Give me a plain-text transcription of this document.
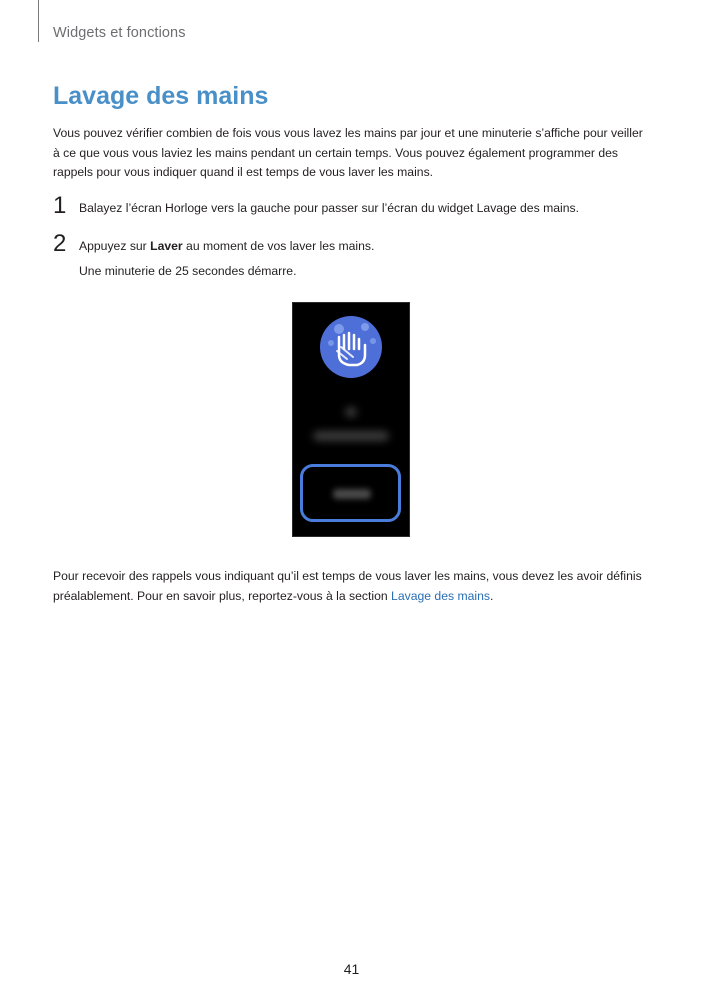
Widgets et fonctions
Lavage des mains

Vous pouvez vérifier combien de fois vous vous lavez les mains par jour et une minuterie s’affiche pour veiller
à ce que vous vous laviez les mains pendant un certain temps. Vous pouvez également programmer des
rappels pour vous indiquer quand il est temps de vous laver les mains.

1 Balayez l’écran Horloge vers la gauche pour passer sur l’écran du widget Lavage des mains.

2 Appuyez sur Laver au moment de vos laver les mains.

Une minuterie de 25 secondes démarre.

Pour recevoir des rappels vous indiquant qu’il est temps de vous laver les mains, vous devez les avoir définis
préalablement. Pour en savoir plus, reportez-vous à la section Lavage des mains.

41
